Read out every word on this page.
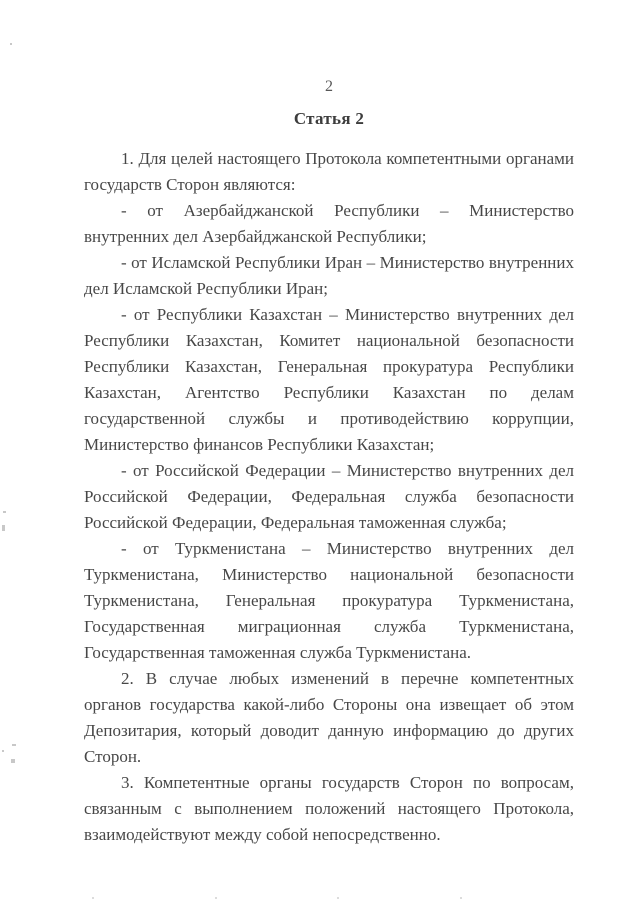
2
Статья 2

1. Для целей настоящего Протокола компетентными органами государств Сторон являются:

- от Азербайджанской Республики – Министерство внутренних дел Азербайджанской Республики;

- от Исламской Республики Иран – Министерство внутренних дел Исламской Республики Иран;

- от Республики Казахстан – Министерство внутренних дел Республики Казахстан, Комитет национальной безопасности Республики Казахстан, Генеральная прокуратура Республики Казахстан, Агентство Республики Казахстан по делам государственной службы и противодействию коррупции, Министерство финансов Республики Казахстан;

- от Российской Федерации – Министерство внутренних дел Российской Федерации, Федеральная служба безопасности Российской Федерации, Федеральная таможенная служба;

- от Туркменистана – Министерство внутренних дел Туркменистана, Министерство национальной безопасности Туркменистана, Генеральная прокуратура Туркменистана, Государственная миграционная служба Туркменистана, Государственная таможенная служба Туркменистана.

2. В случае любых изменений в перечне компетентных органов государства какой-либо Стороны она извещает об этом Депозитария, который доводит данную информацию до других Сторон.

3. Компетентные органы государств Сторон по вопросам, связанным с выполнением положений настоящего Протокола, взаимодействуют между собой непосредственно.
